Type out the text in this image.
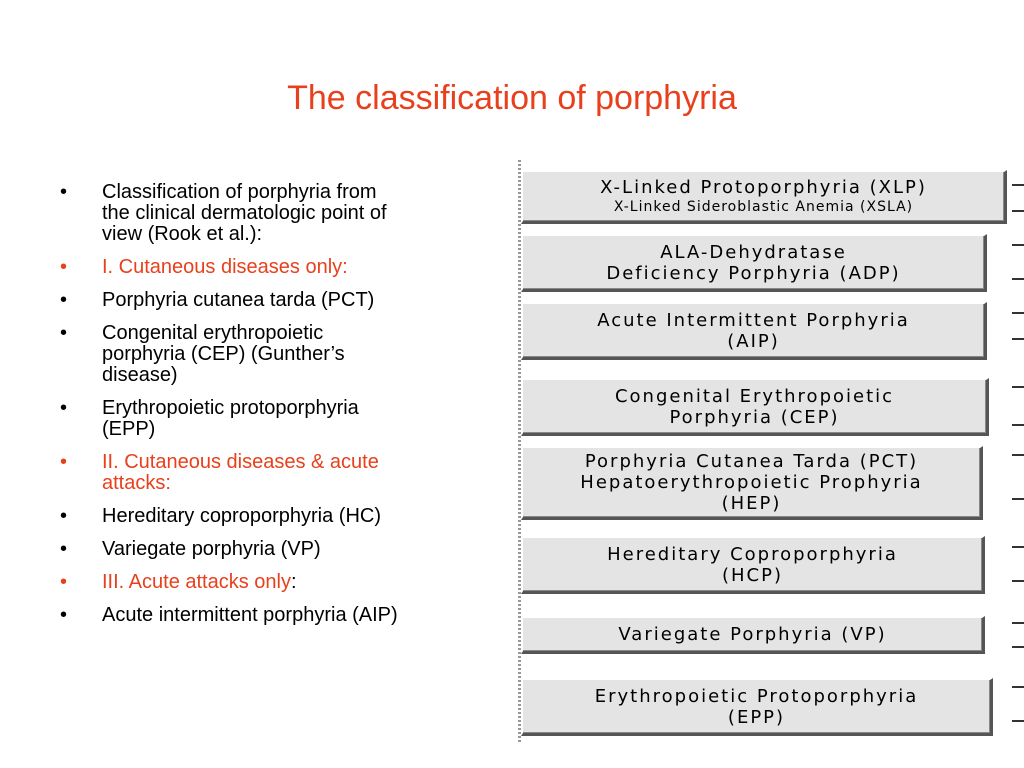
The classification of porphyria
• Classification of porphyria from
the clinical dermatologic point of
view (Rook et al.):
• I. Cutaneous diseases only:
• Porphyria cutanea tarda (PCT)
• Congenital erythropoietic
porphyria (CEP) (Gunther’s
disease)
• Erythropoietic protoporphyria
(EPP)
• II. Cutaneous diseases & acute
attacks:
• Hereditary coproporphyria (HC)
• Variegate porphyria (VP)
• III. Acute attacks only:
• Acute intermittent porphyria (AIP)
X-Linked Protoporphyria (XLP)
X-Linked Sideroblastic Anemia (XSLA)
ALA-Dehydratase
Deficiency Porphyria (ADP)
Acute Intermittent Porphyria
(AIP)
Congenital Erythropoietic
Porphyria (CEP)
Porphyria Cutanea Tarda (PCT)
Hepatoerythropoietic Prophyria
(HEP)
Hereditary Coproporphyria
(HCP)
Variegate Porphyria (VP)
Erythropoietic Protoporphyria
(EPP)
